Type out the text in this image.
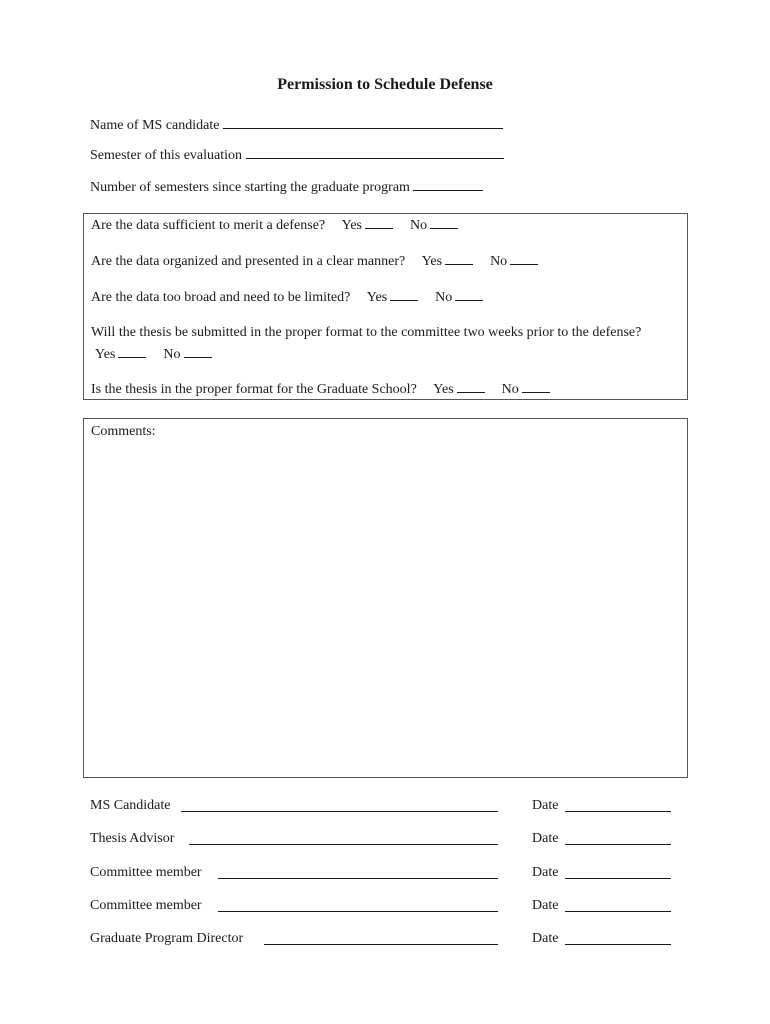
Permission to Schedule Defense
Name of MS candidate
Semester of this evaluation
Number of semesters since starting the graduate program
Are the data sufficient to merit a defense? Yes	No
Are the data organized and presented in a clear manner? Yes	No
Are the data too broad and need to be limited? Yes	No
Will the thesis be submitted in the proper format to the committee two weeks prior to the defense? Yes	No
Is the thesis in the proper format for the Graduate School? Yes	No
Comments:
MS Candidate	Date
Thesis Advisor	Date
Committee member	Date
Committee member	Date
Graduate Program Director	Date
